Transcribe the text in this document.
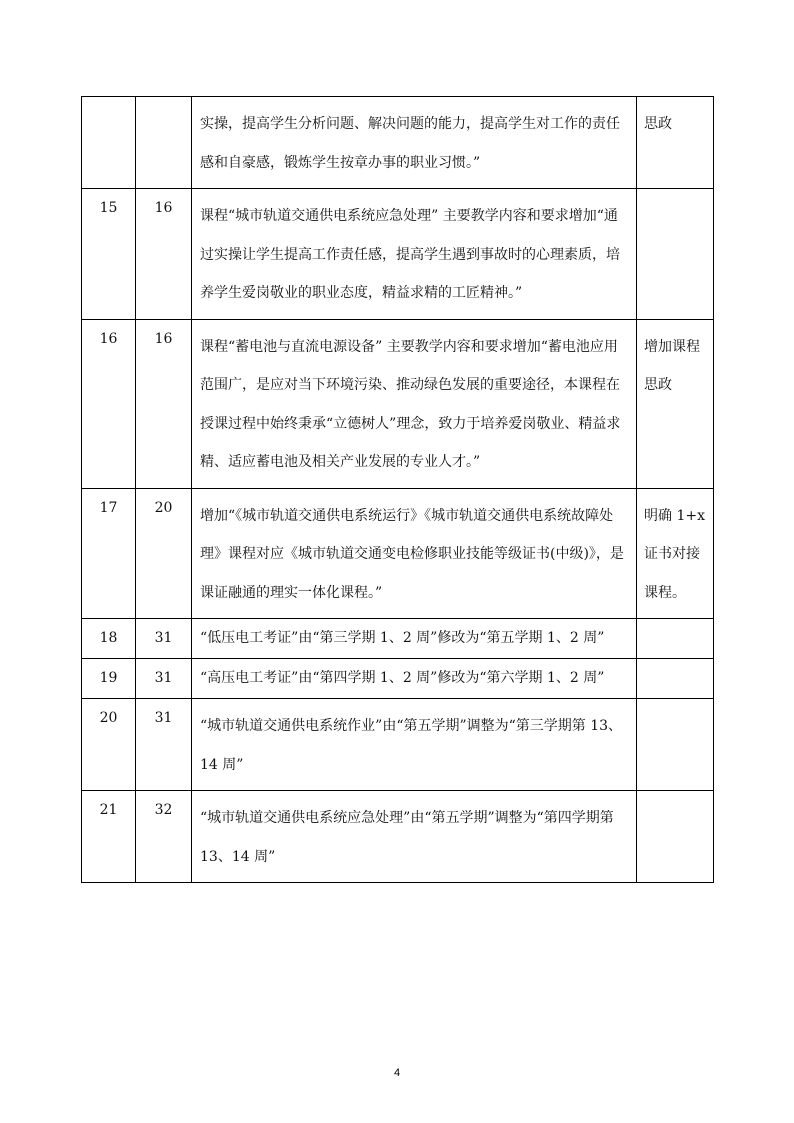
		实操，提高学生分析问题、解决问题的能力，提高学生对工作的责任感和自豪感，锻炼学生按章办事的职业习惯。”	思政
15	16	课程“城市轨道交通供电系统应急处理” 主要教学内容和要求增加“通过实操让学生提高工作责任感，提高学生遇到事故时的心理素质，培养学生爱岗敬业的职业态度，精益求精的工匠精神。”	
16	16	课程“蓄电池与直流电源设备” 主要教学内容和要求增加“蓄电池应用范围广，是应对当下环境污染、推动绿色发展的重要途径，本课程在授课过程中始终秉承“立德树人”理念，致力于培养爱岗敬业、精益求精、适应蓄电池及相关产业发展的专业人才。”	增加课程思政
17	20	增加“《城市轨道交通供电系统运行》《城市轨道交通供电系统故障处理》课程对应《城市轨道交通变电检修职业技能等级证书(中级)》，是课证融通的理实一体化课程。”	明确 1+x 证书对接课程。
18	31	“低压电工考证”由“第三学期 1、2 周”修改为“第五学期 1、2 周”	
19	31	“高压电工考证”由“第四学期 1、2 周”修改为“第六学期 1、2 周”	
20	31	“城市轨道交通供电系统作业”由“第五学期”调整为“第三学期第 13、14 周”	
21	32	“城市轨道交通供电系统应急处理”由“第五学期”调整为“第四学期第 13、14 周”	
4
